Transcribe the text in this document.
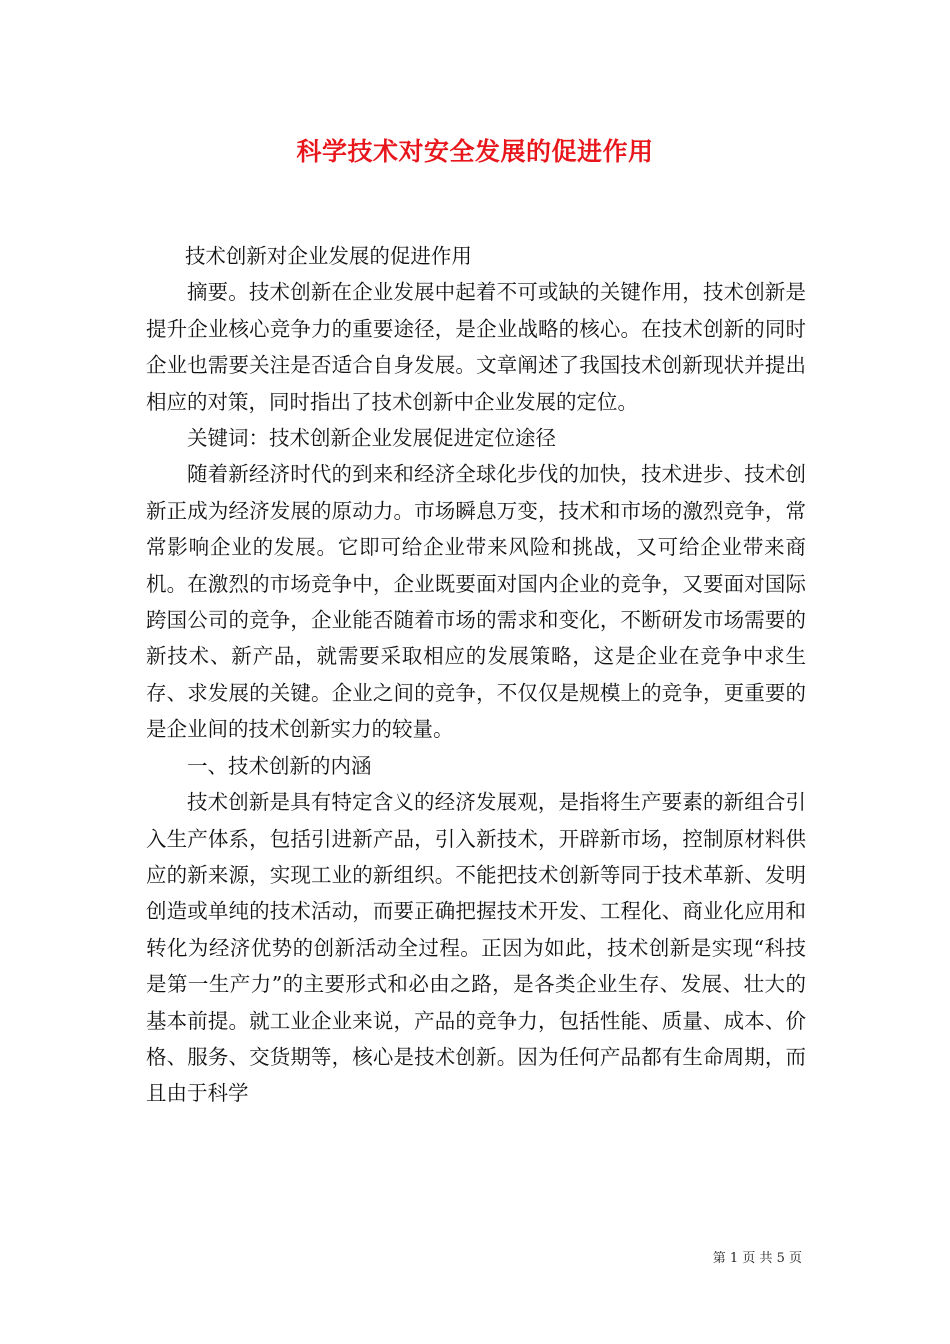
科学技术对安全发展的促进作用

技术创新对企业发展的促进作用

摘要。技术创新在企业发展中起着不可或缺的关键作用，技术创新是提升企业核心竞争力的重要途径，是企业战略的核心。在技术创新的同时企业也需要关注是否适合自身发展。文章阐述了我国技术创新现状并提出相应的对策，同时指出了技术创新中企业发展的定位。

关键词：技术创新企业发展促进定位途径

随着新经济时代的到来和经济全球化步伐的加快，技术进步、技术创新正成为经济发展的原动力。市场瞬息万变，技术和市场的激烈竞争，常常影响企业的发展。它即可给企业带来风险和挑战，又可给企业带来商机。在激烈的市场竞争中，企业既要面对国内企业的竞争，又要面对国际跨国公司的竞争，企业能否随着市场的需求和变化，不断研发市场需要的新技术、新产品，就需要采取相应的发展策略，这是企业在竞争中求生存、求发展的关键。企业之间的竞争，不仅仅是规模上的竞争，更重要的是企业间的技术创新实力的较量。

一、技术创新的内涵

技术创新是具有特定含义的经济发展观，是指将生产要素的新组合引入生产体系，包括引进新产品，引入新技术，开辟新市场，控制原材料供应的新来源，实现工业的新组织。不能把技术创新等同于技术革新、发明创造或单纯的技术活动，而要正确把握技术开发、工程化、商业化应用和转化为经济优势的创新活动全过程。正因为如此，技术创新是实现“科技是第一生产力”的主要形式和必由之路，是各类企业生存、发展、壮大的基本前提。就工业企业来说，产品的竞争力，包括性能、质量、成本、价格、服务、交货期等，核心是技术创新。因为任何产品都有生命周期，而且由于科学

第 1 页 共 5 页
